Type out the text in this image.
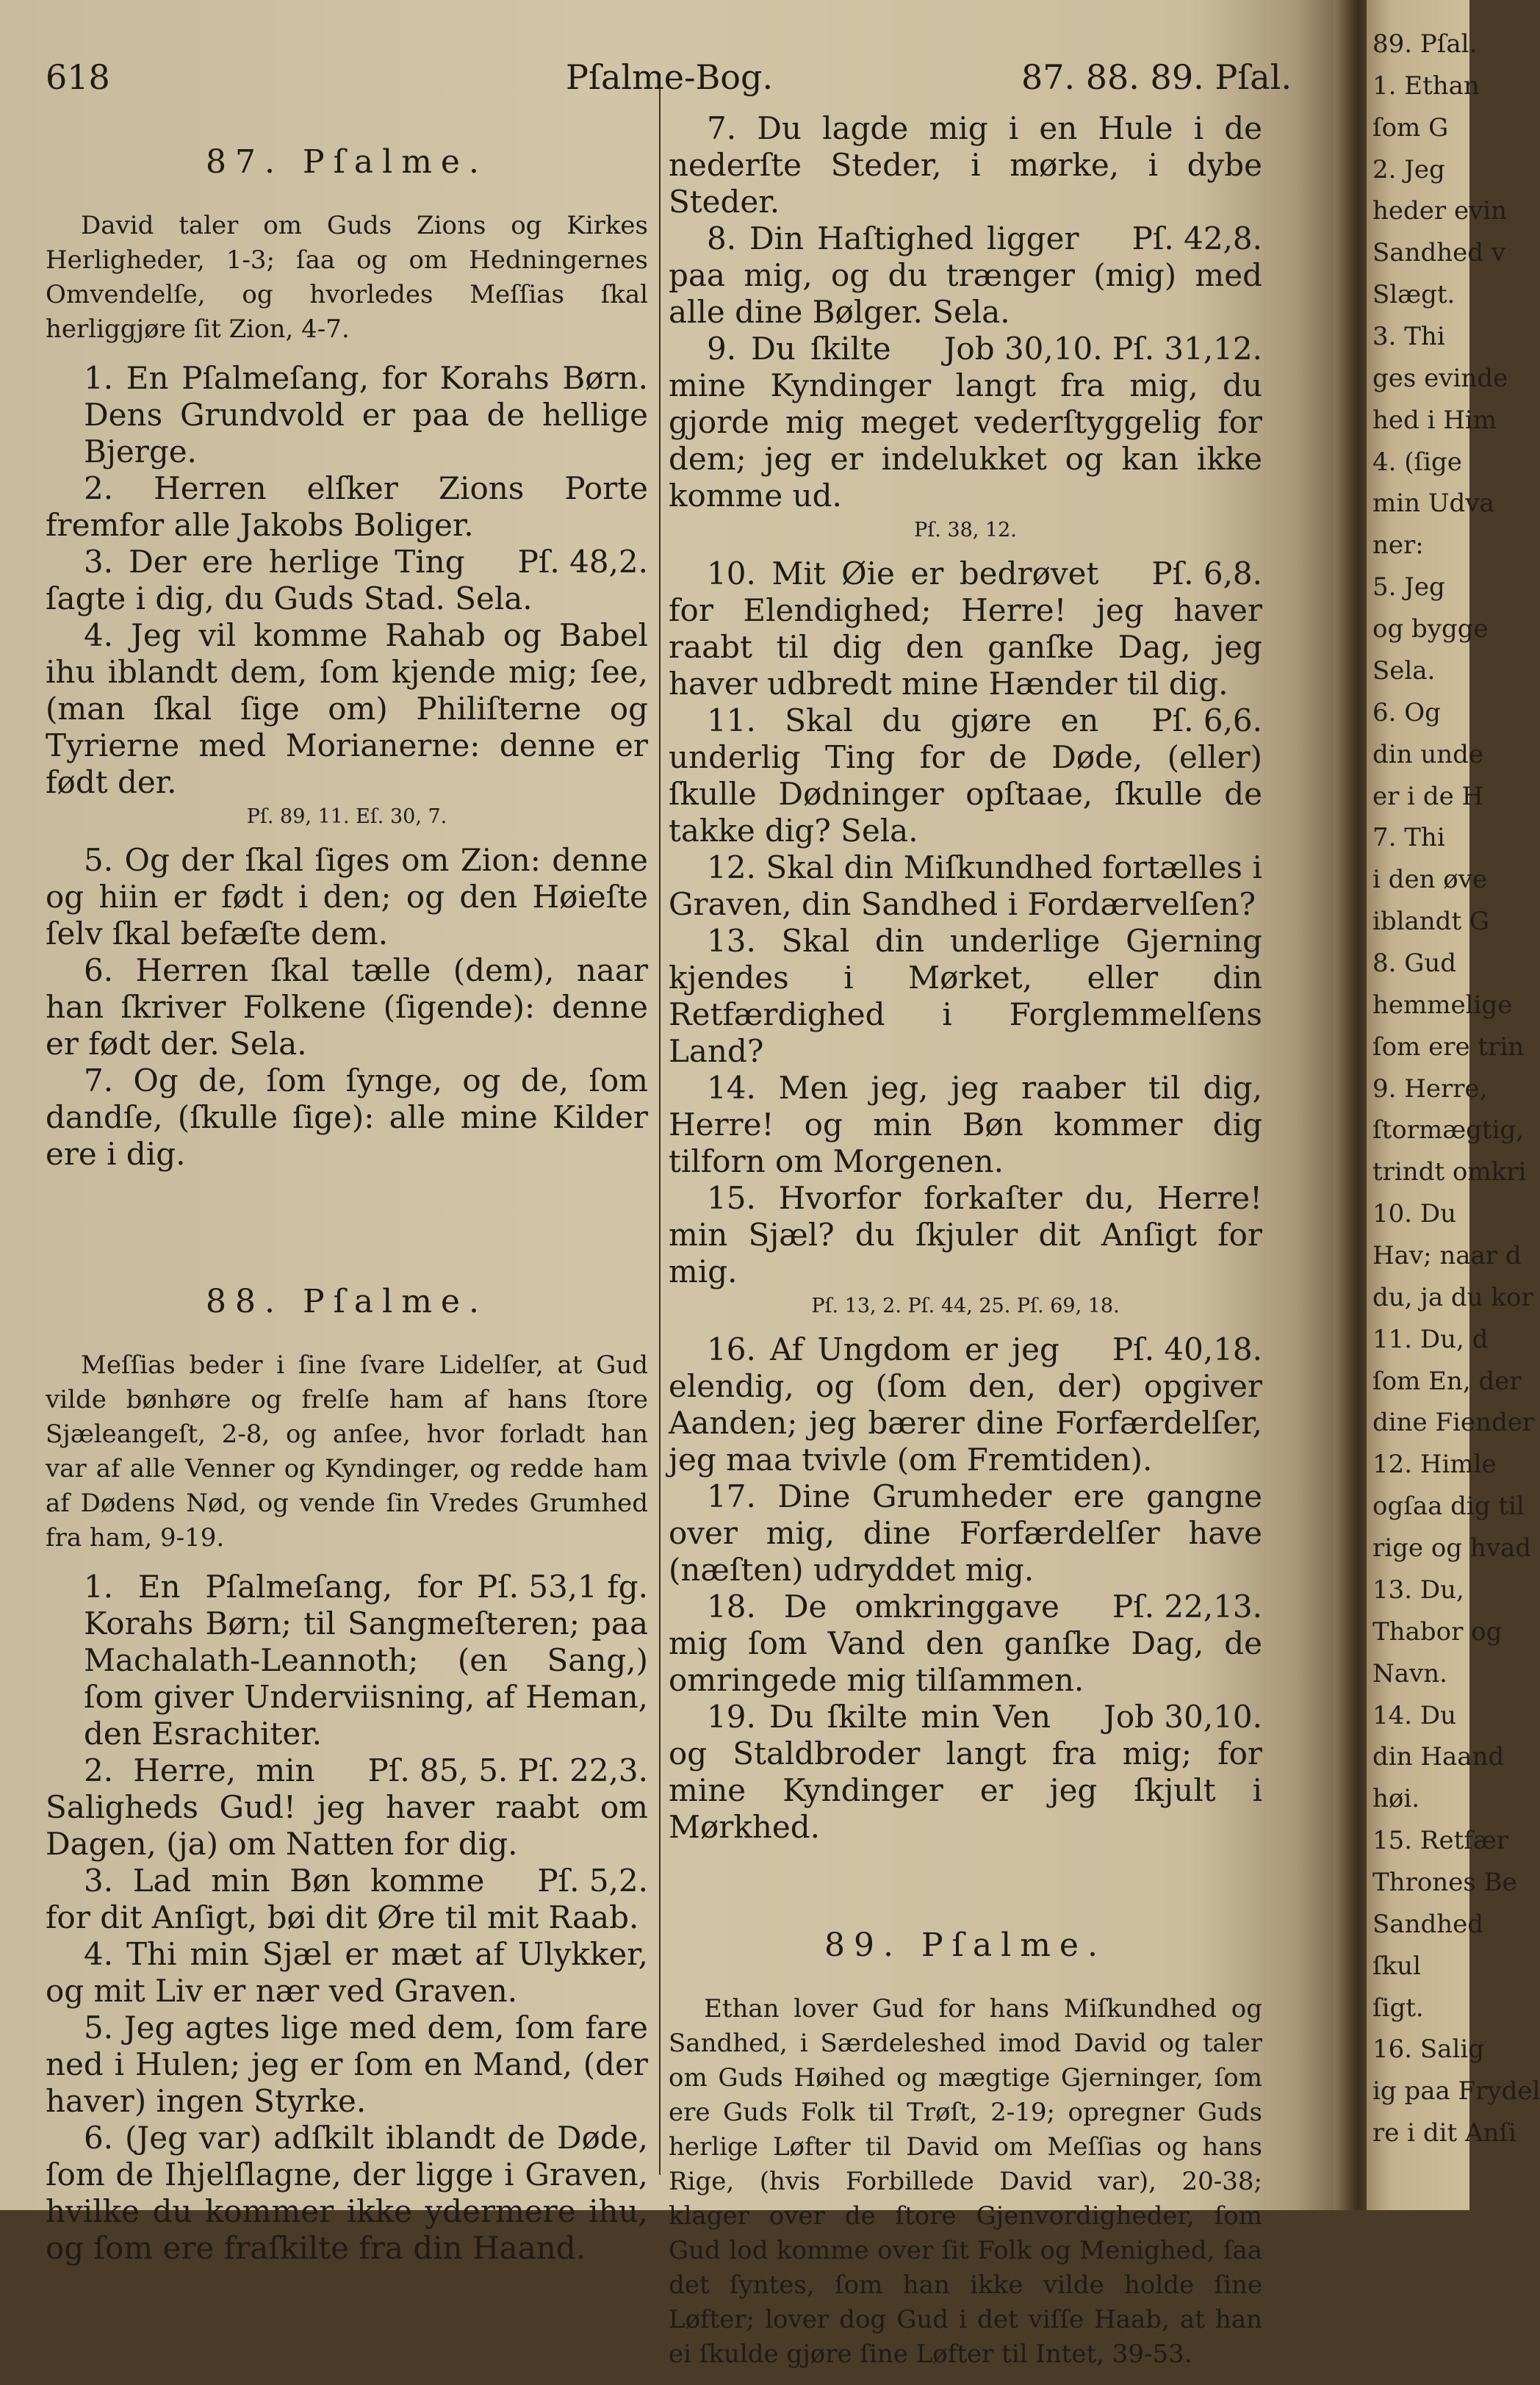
89. Pſal.
1. Ethan
ſom G
2. Jeg
heder evin
Sandhed v
Slægt.
3. Thi
ges evinde
hed i Him
4. (ſige
min Udva
ner:
5. Jeg
og bygge
Sela.
6. Og
din unde
er i de H
7. Thi
i den øve
iblandt G
8. Gud
hemmelige
ſom ere trin
9. Herre,
ſtormægtig,
trindt omkri
10. Du
Hav; naar d
du, ja du kor
11. Du, d
ſom En, der
dine Fiender
12. Himle
ogſaa dig til
rige og hvad
13. Du,
Thabor og
Navn.
14. Du
din Haand
høi.
15. Retfær
Thrones Be
Sandhed
ſkul
ſigt.
16. Salig
ig paa Frydel
re i dit Anſi
618	Pſalme-Bog.	87. 88. 89. Pſal.
87. Pſalme.

David taler om Guds Zions og Kirkes Herligheder, 1-3; ſaa og om Hedningernes Omvendelſe, og hvorledes Meſſias ſkal herliggjøre ſit Zion, 4-7.

1. En Pſalmeſang, for Korahs Børn. Dens Grundvold er paa de hellige Bjerge.

2. Herren elſker Zions Porte fremfor alle Jakobs Boliger.

Pſ. 48,2.
3. Der ere herlige Ting ſagte i dig, du Guds Stad. Sela.

4. Jeg vil komme Rahab og Babel ihu iblandt dem, ſom kjende mig; ſee, (man ſkal ſige om) Philiſterne og Tyrierne med Morianerne: denne er født der.

Pſ. 89, 11. Eſ. 30, 7.

5. Og der ſkal ſiges om Zion: denne og hiin er født i den; og den Høieſte ſelv ſkal befæſte dem.

6. Herren ſkal tælle (dem), naar han ſkriver Folkene (ſigende): denne er født der. Sela.

7. Og de, ſom ſynge, og de, ſom dandſe, (ſkulle ſige): alle mine Kilder ere i dig.

88. Pſalme.

Meſſias beder i ſine ſvare Lidelſer, at Gud vilde bønhøre og frelſe ham af hans ſtore Sjæleangeſt, 2-8, og anſee, hvor forladt han var af alle Venner og Kyndinger, og redde ham af Dødens Nød, og vende ſin Vredes Grumhed fra ham, 9-19.

Pſ. 53,1 fg.
1. En Pſalmeſang, for Korahs Børn; til Sangmeſteren; paa Machalath-Leannoth; (en Sang,) ſom giver Underviisning, af Heman, den Esrachiter.

Pſ. 85, 5. Pſ. 22,3.
2. Herre, min Saligheds Gud! jeg haver raabt om Dagen, (ja) om Natten for dig.

Pſ. 5,2.
3. Lad min Bøn komme for dit Anſigt, bøi dit Øre til mit Raab.

4. Thi min Sjæl er mæt af Ulykker, og mit Liv er nær ved Graven.

5. Jeg agtes lige med dem, ſom fare ned i Hulen; jeg er ſom en Mand, (der haver) ingen Styrke.

6. (Jeg var) adſkilt iblandt de Døde, ſom de Ihjelſlagne, der ligge i Graven, hvilke du kommer ikke ydermere ihu, og ſom ere fraſkilte fra din Haand.

7. Du lagde mig i en Hule i de nederſte Steder, i mørke, i dybe Steder.

Pſ. 42,8.
8. Din Haſtighed ligger paa mig, og du trænger (mig) med alle dine Bølger. Sela.

Job 30,10. Pſ. 31,12.
9. Du ſkilte mine Kyndinger langt fra mig, du gjorde mig meget vederſtyggelig for dem; jeg er indelukket og kan ikke komme ud.

Pſ. 38, 12.

Pſ. 6,8.
10. Mit Øie er bedrøvet for Elendighed; Herre! jeg haver raabt til dig den ganſke Dag, jeg haver udbredt mine Hænder til dig.

Pſ. 6,6.
11. Skal du gjøre en underlig Ting for de Døde, (eller) ſkulle Dødninger opſtaae, ſkulle de takke dig? Sela.

12. Skal din Miſkundhed fortælles i Graven, din Sandhed i Fordærvelſen?

13. Skal din underlige Gjerning kjendes i Mørket, eller din Retfærdighed i Forglemmelſens Land?

14. Men jeg, jeg raaber til dig, Herre! og min Bøn kommer dig tilforn om Morgenen.

15. Hvorfor forkaſter du, Herre! min Sjæl? du ſkjuler dit Anſigt for mig.

Pſ. 13, 2. Pſ. 44, 25. Pſ. 69, 18.

Pſ. 40,18.
16. Af Ungdom er jeg elendig, og (ſom den, der) opgiver Aanden; jeg bærer dine Forfærdelſer, jeg maa tvivle (om Fremtiden).

17. Dine Grumheder ere gangne over mig, dine Forfærdelſer have (næſten) udryddet mig.

Pſ. 22,13.
18. De omkringgave mig ſom Vand den ganſke Dag, de omringede mig tilſammen.

Job 30,10.
19. Du ſkilte min Ven og Staldbroder langt fra mig; for mine Kyndinger er jeg ſkjult i Mørkhed.

89. Pſalme.

Ethan lover Gud for hans Miſkundhed og Sandhed, i Særdeleshed imod David og taler om Guds Høihed og mægtige Gjerninger, ſom ere Guds Folk til Trøſt, 2-19; opregner Guds herlige Løfter til David om Meſſias og hans Rige, (hvis Forbillede David var), 20-38; klager over de ſtore Gjenvordigheder, ſom Gud lod komme over ſit Folk og Menighed, ſaa det ſyntes, ſom han ikke vilde holde ſine Løfter; lover dog Gud i det viſſe Haab, at han ei ſkulde gjøre ſine Løfter til Intet, 39-53.
